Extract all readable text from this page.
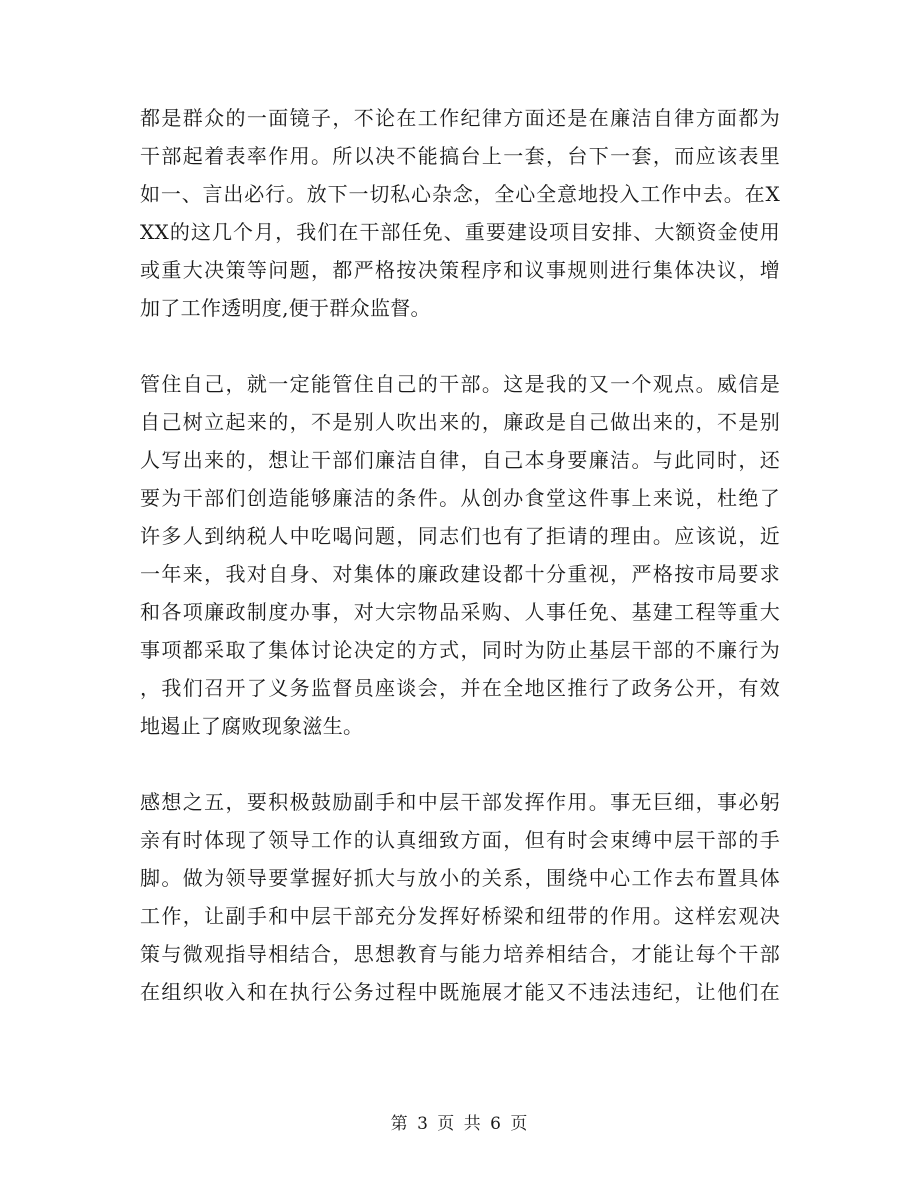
都是群众的一面镜子，不论在工作纪律方面还是在廉洁自律方面都为
干部起着表率作用。所以决不能搞台上一套，台下一套，而应该表里
如一、言出必行。放下一切私心杂念，全心全意地投入工作中去。在X
XX的这几个月，我们在干部任免、重要建设项目安排、大额资金使用
或重大决策等问题，都严格按决策程序和议事规则进行集体决议，增
加了工作透明度,便于群众监督。
管住自己，就一定能管住自己的干部。这是我的又一个观点。威信是
自己树立起来的，不是别人吹出来的，廉政是自己做出来的，不是别
人写出来的，想让干部们廉洁自律，自己本身要廉洁。与此同时，还
要为干部们创造能够廉洁的条件。从创办食堂这件事上来说，杜绝了
许多人到纳税人中吃喝问题，同志们也有了拒请的理由。应该说，近
一年来，我对自身、对集体的廉政建设都十分重视，严格按市局要求
和各项廉政制度办事，对大宗物品采购、人事任免、基建工程等重大
事项都采取了集体讨论决定的方式，同时为防止基层干部的不廉行为
，我们召开了义务监督员座谈会，并在全地区推行了政务公开，有效
地遏止了腐败现象滋生。
感想之五，要积极鼓励副手和中层干部发挥作用。事无巨细，事必躬
亲有时体现了领导工作的认真细致方面，但有时会束缚中层干部的手
脚。做为领导要掌握好抓大与放小的关系，围绕中心工作去布置具体
工作，让副手和中层干部充分发挥好桥梁和纽带的作用。这样宏观决
策与微观指导相结合，思想教育与能力培养相结合，才能让每个干部
在组织收入和在执行公务过程中既施展才能又不违法违纪，让他们在
第 3 页 共 6 页
